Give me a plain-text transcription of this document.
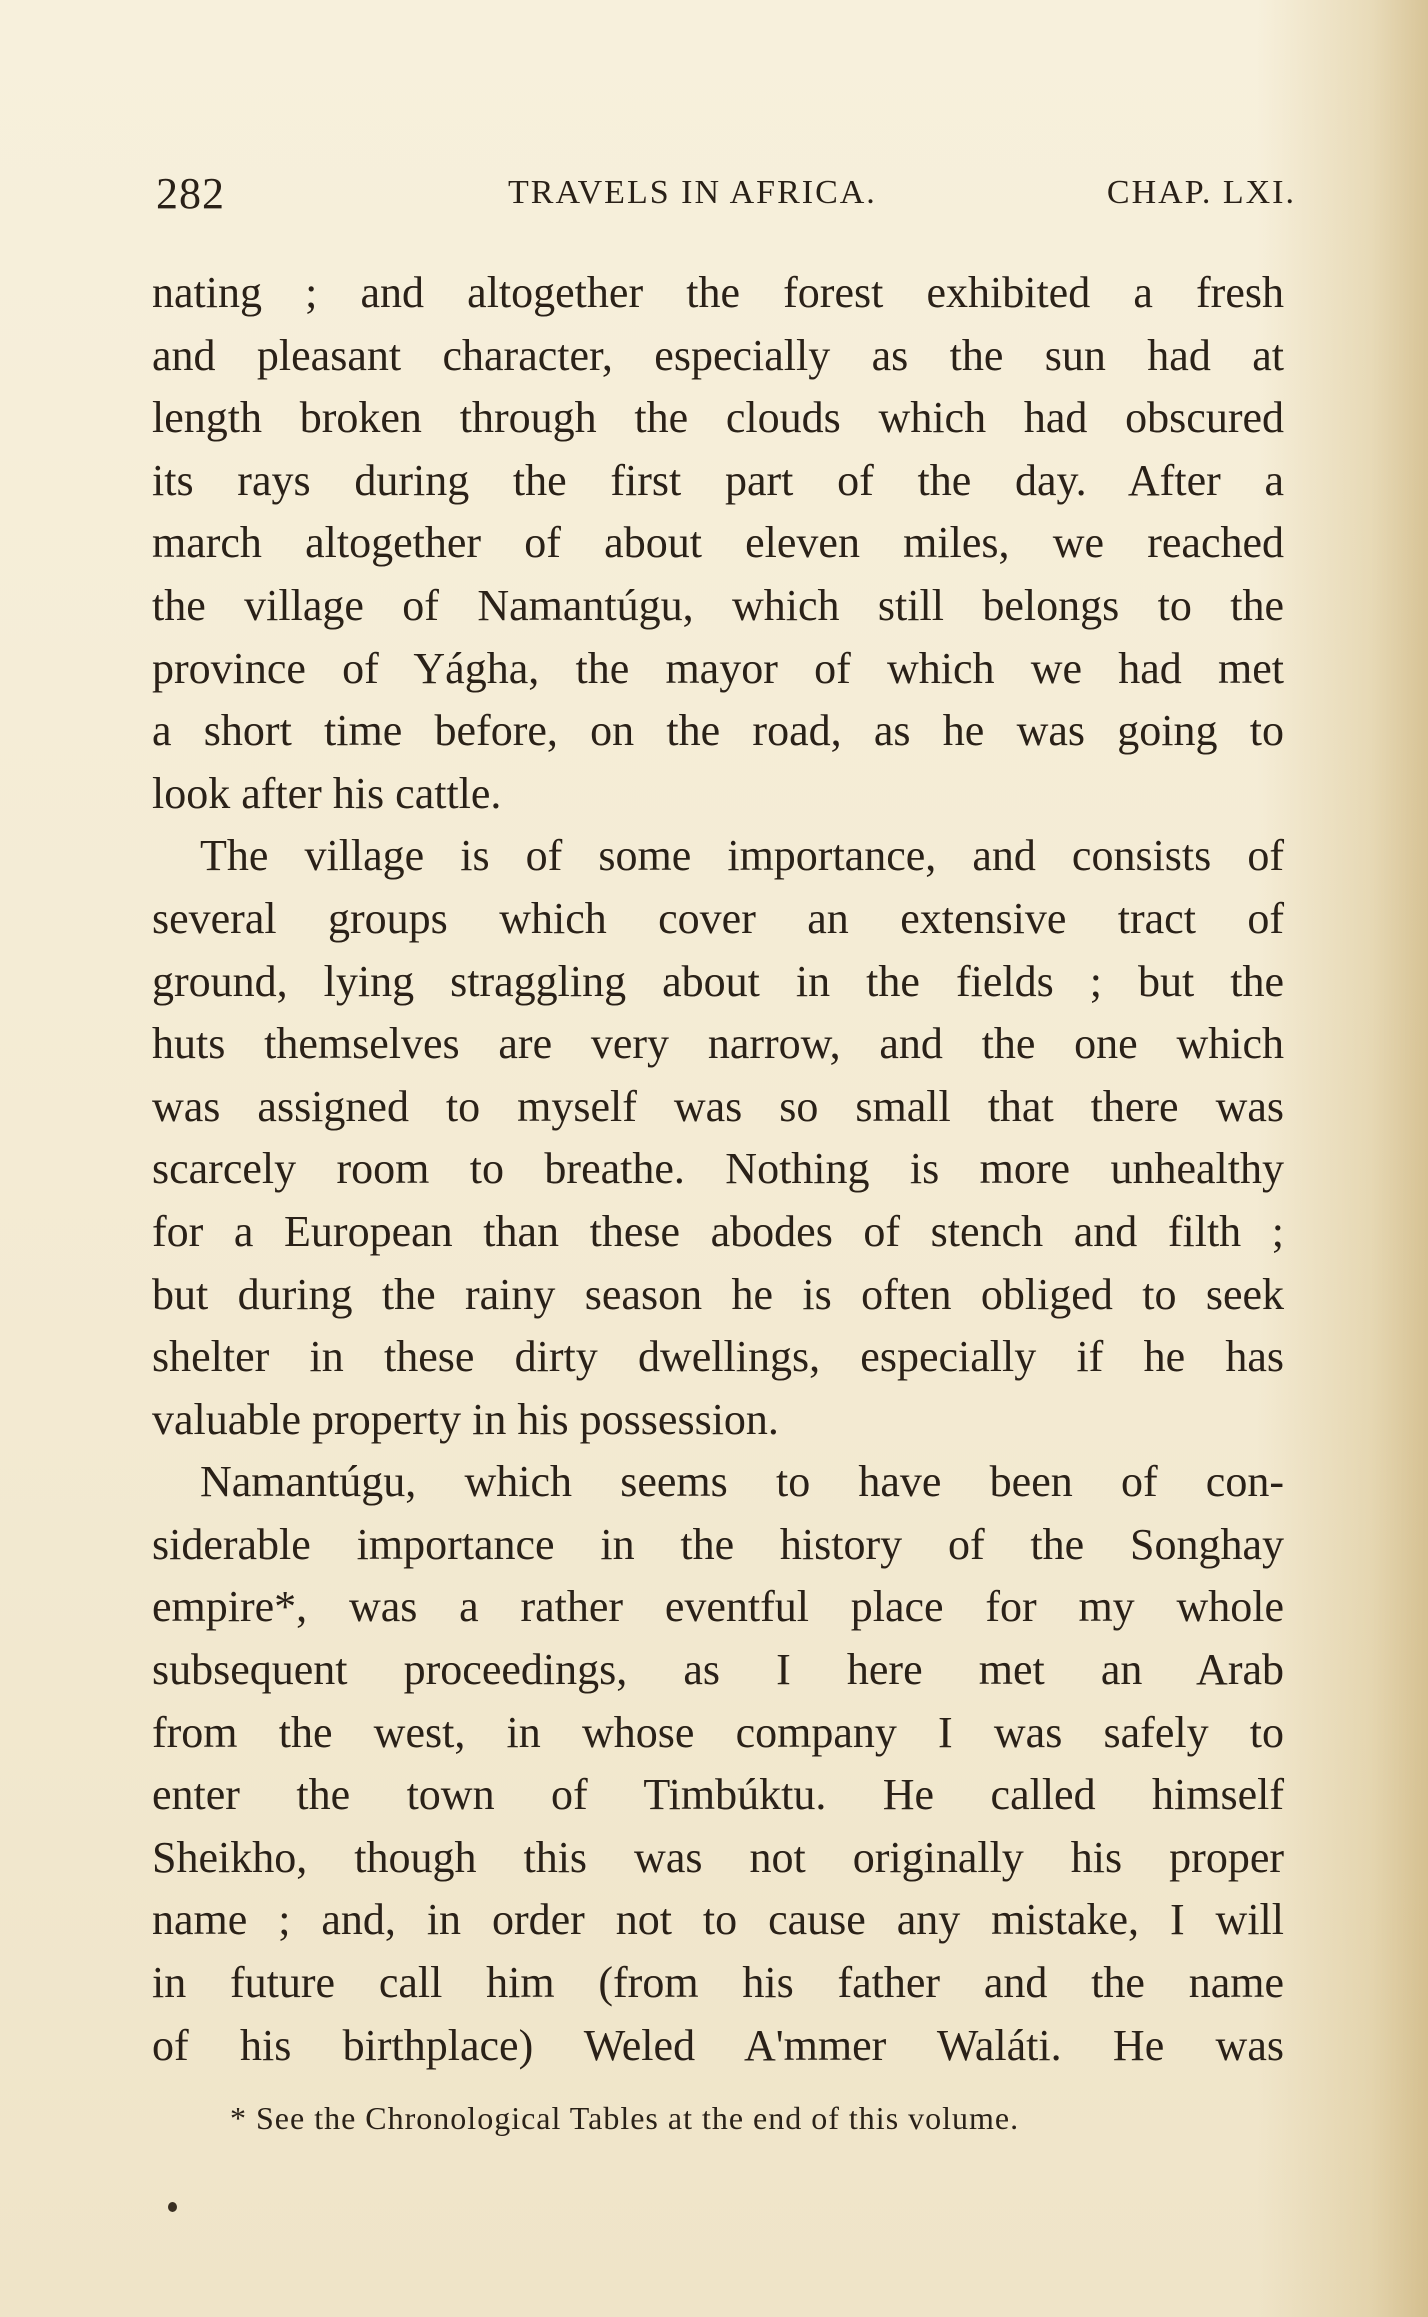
282	TRAVELS IN AFRICA.	CHAP. LXI.

nating ; and altogether the forest exhibited a fresh

and pleasant character, especially as the sun had at

length broken through the clouds which had obscured

its rays during the first part of the day. After a

march altogether of about eleven miles, we reached

the village of Namantúgu, which still belongs to the

province of Yágha, the mayor of which we had met

a short time before, on the road, as he was going to

look after his cattle.

The village is of some importance, and consists of

several groups which cover an extensive tract of

ground, lying straggling about in the fields ; but the

huts themselves are very narrow, and the one which

was assigned to myself was so small that there was

scarcely room to breathe. Nothing is more unhealthy

for a European than these abodes of stench and filth ;

but during the rainy season he is often obliged to seek

shelter in these dirty dwellings, especially if he has

valuable property in his possession.

Namantúgu, which seems to have been of con-

siderable importance in the history of the Songhay

empire*, was a rather eventful place for my whole

subsequent proceedings, as I here met an Arab

from the west, in whose company I was safely to

enter the town of Timbúktu. He called himself

Sheikho, though this was not originally his proper

name ; and, in order not to cause any mistake, I will

in future call him (from his father and the name

of his birthplace) Weled A'mmer Waláti. He was

* See the Chronological Tables at the end of this volume.
